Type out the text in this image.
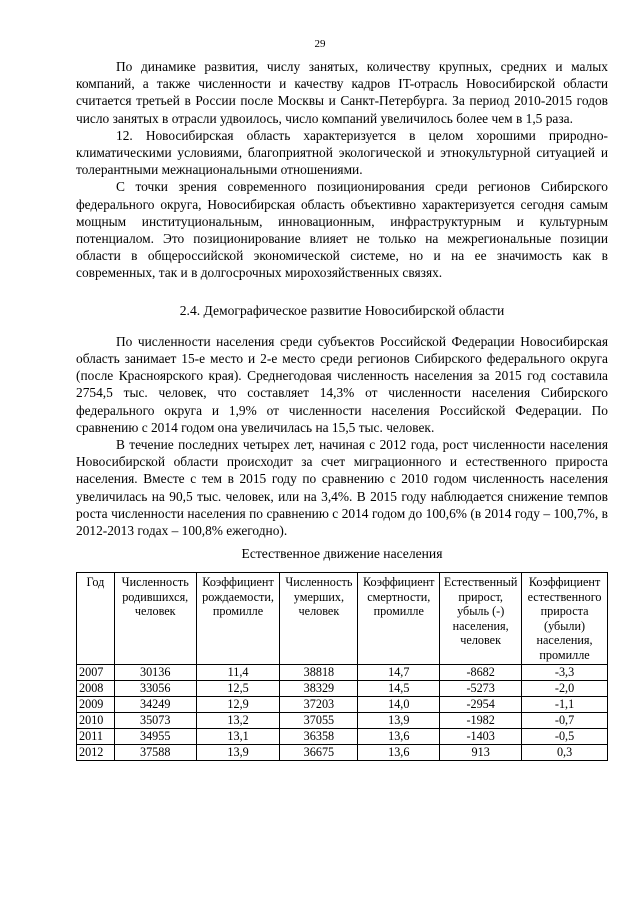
29

По динамике развития, числу занятых, количеству крупных, средних и малых компаний, а также численности и качеству кадров IT-отрасль Новосибирской области считается третьей в России после Москвы и Санкт-Петербурга. За период 2010-2015 годов число занятых в отрасли удвоилось, число компаний увеличилось более чем в 1,5 раза.

12. Новосибирская область характеризуется в целом хорошими природно-климатическими условиями, благоприятной экологической и этнокультурной ситуацией и толерантными межнациональными отношениями.

С точки зрения современного позиционирования среди регионов Сибирского федерального округа, Новосибирская область объективно характеризуется сегодня самым мощным институциональным, инновационным, инфраструктурным и культурным потенциалом. Это позиционирование влияет не только на межрегиональные позиции области в общероссийской экономической системе, но и на ее значимость как в современных, так и в долгосрочных мирохозяйственных связях.

2.4. Демографическое развитие Новосибирской области

По численности населения среди субъектов Российской Федерации Новосибирская область занимает 15-е место и 2-е место среди регионов Сибирского федерального округа (после Красноярского края). Среднегодовая численность населения за 2015 год составила 2754,5 тыс. человек, что составляет 14,3% от численности населения Сибирского федерального округа и 1,9% от численности населения Российской Федерации. По сравнению с 2014 годом она увеличилась на 15,5 тыс. человек.

В течение последних четырех лет, начиная с 2012 года, рост численности населения Новосибирской области происходит за счет миграционного и естественного прироста населения. Вместе с тем в 2015 году по сравнению с 2010 годом численность населения увеличилась на 90,5 тыс. человек, или на 3,4%. В 2015 году наблюдается снижение темпов роста численности населения по сравнению с 2014 годом до 100,6% (в 2014 году – 100,7%, в 2012-2013 годах – 100,8% ежегодно).

Естественное движение населения
Год	Численность родившихся, человек	Коэффициент рождаемости, промилле	Численность умерших, человек	Коэффициент смертности, промилле	Естественный прирост, убыль (-) населения, человек	Коэффициент естественного прироста (убыли) населения, промилле
2007	30136	11,4	38818	14,7	-8682	-3,3
2008	33056	12,5	38329	14,5	-5273	-2,0
2009	34249	12,9	37203	14,0	-2954	-1,1
2010	35073	13,2	37055	13,9	-1982	-0,7
2011	34955	13,1	36358	13,6	-1403	-0,5
2012	37588	13,9	36675	13,6	913	0,3
